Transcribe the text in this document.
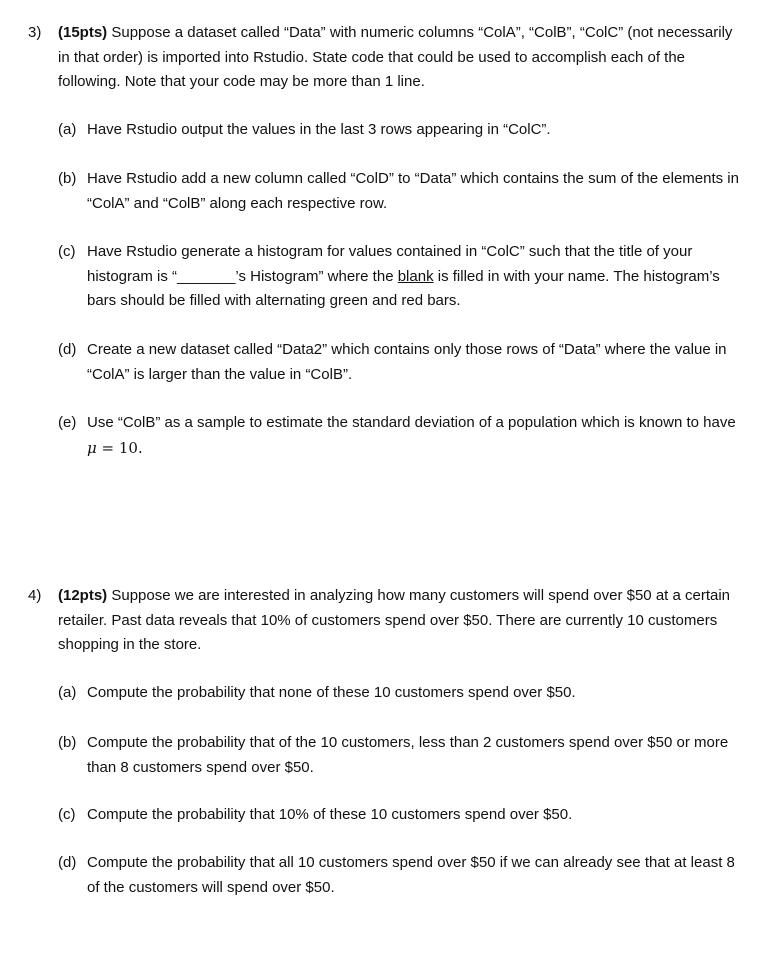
3) (15pts) Suppose a dataset called “Data” with numeric columns “ColA”, “ColB”, “ColC” (not necessarily in that order) is imported into Rstudio. State code that could be used to accomplish each of the following. Note that your code may be more than 1 line.
(a) Have Rstudio output the values in the last 3 rows appearing in “ColC”.
(b) Have Rstudio add a new column called “ColD” to “Data” which contains the sum of the elements in “ColA” and “ColB” along each respective row.
(c) Have Rstudio generate a histogram for values contained in “ColC” such that the title of your histogram is “_______’s Histogram” where the blank is filled in with your name. The histogram’s bars should be filled with alternating green and red bars.
(d) Create a new dataset called “Data2” which contains only those rows of “Data” where the value in “ColA” is larger than the value in “ColB”.
(e) Use “ColB” as a sample to estimate the standard deviation of a population which is known to have μ = 10.
4) (12pts) Suppose we are interested in analyzing how many customers will spend over $50 at a certain retailer. Past data reveals that 10% of customers spend over $50. There are currently 10 customers shopping in the store.
(a) Compute the probability that none of these 10 customers spend over $50.
(b) Compute the probability that of the 10 customers, less than 2 customers spend over $50 or more than 8 customers spend over $50.
(c) Compute the probability that 10% of these 10 customers spend over $50.
(d) Compute the probability that all 10 customers spend over $50 if we can already see that at least 8 of the customers will spend over $50.
